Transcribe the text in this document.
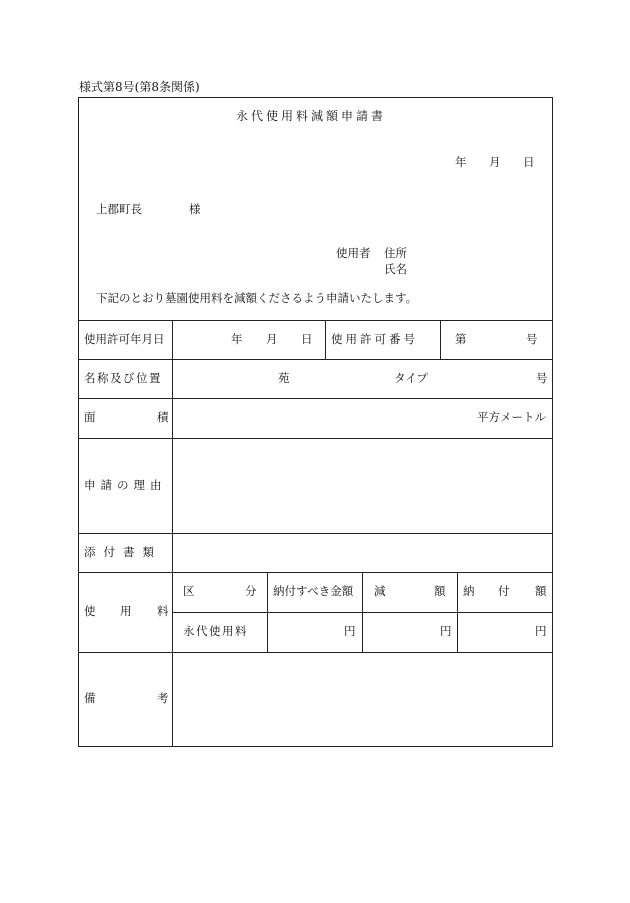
様式第8号(第8条関係)
永代使用料減額申請書
年 月 日
上郡町長	様
使用者 住所
氏名
下記のとおり墓園使用料を減額くださるよう申請いたします。
使用許可年月日	年 月 日 使用許可番号	第	号
名称及び位置	苑	タイプ	号
面	積	平方メートル
申請の理由
添付書類
使 用 料
区	分 納付すべき金額 減	額 納 付 額
永代使用料	円	円	円
備	考
